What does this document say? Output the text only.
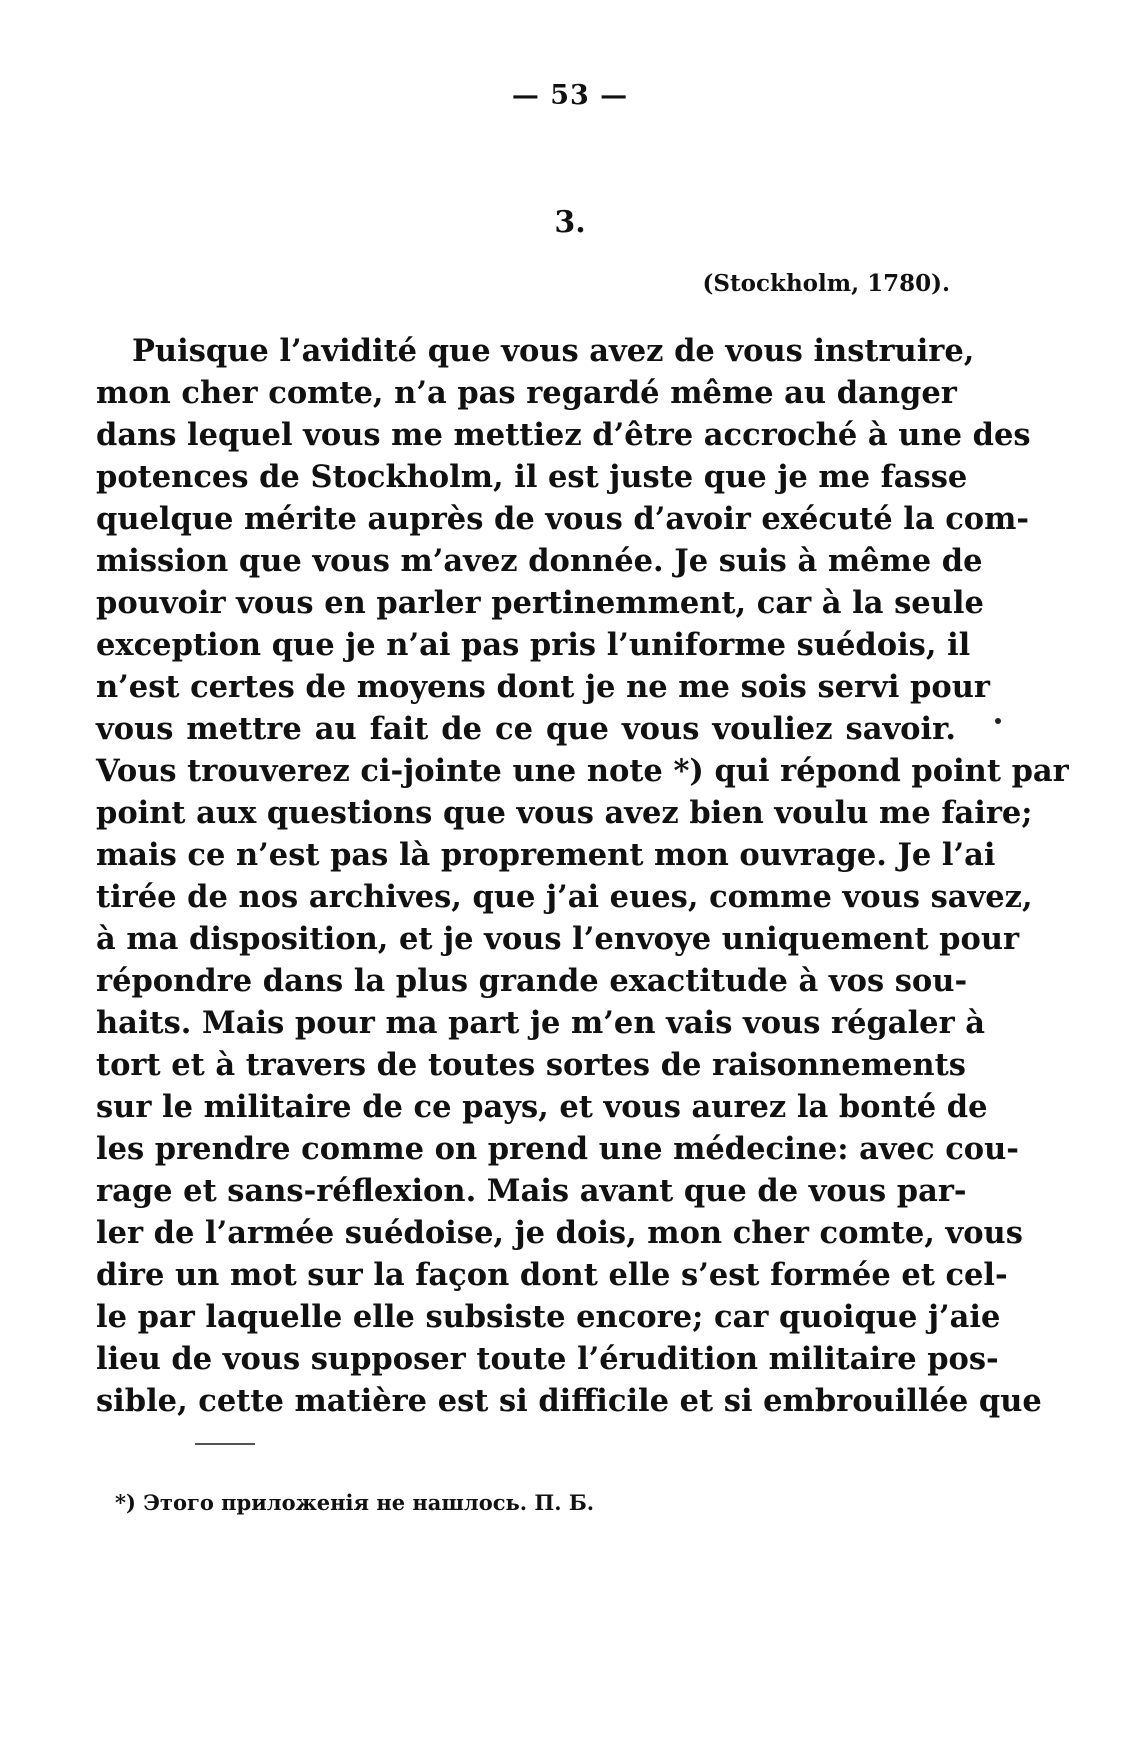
— 53 —
3.
(Stockholm, 1780).
Puisque l’avidité que vous avez de vous instruire,
mon cher comte, n’a pas regardé même au danger
dans lequel vous me mettiez d’être accroché à une des
potences de Stockholm, il est juste que je me fasse
quelque mérite auprès de vous d’avoir exécuté la com-
mission que vous m’avez donnée. Je suis à même de
pouvoir vous en parler pertinemment, car à la seule
exception que je n’ai pas pris l’uniforme suédois, il
n’est certes de moyens dont je ne me sois servi pour
vous mettre au fait de ce que vous vouliez savoir.
Vous trouverez ci-jointe une note *) qui répond point par
point aux questions que vous avez bien voulu me faire;
mais ce n’est pas là proprement mon ouvrage. Je l’ai
tirée de nos archives, que j’ai eues, comme vous savez,
à ma disposition, et je vous l’envoye uniquement pour
répondre dans la plus grande exactitude à vos sou-
haits. Mais pour ma part je m’en vais vous régaler à
tort et à travers de toutes sortes de raisonnements
sur le militaire de ce pays, et vous aurez la bonté de
les prendre comme on prend une médecine: avec cou-
rage et sans-réflexion. Mais avant que de vous par-
ler de l’armée suédoise, je dois, mon cher comte, vous
dire un mot sur la façon dont elle s’est formée et cel-
le par laquelle elle subsiste encore; car quoique j’aie
lieu de vous supposer toute l’érudition militaire pos-
sible, cette matière est si difficile et si embrouillée que
*) Этого приложенія не нашлось. П. Б.
